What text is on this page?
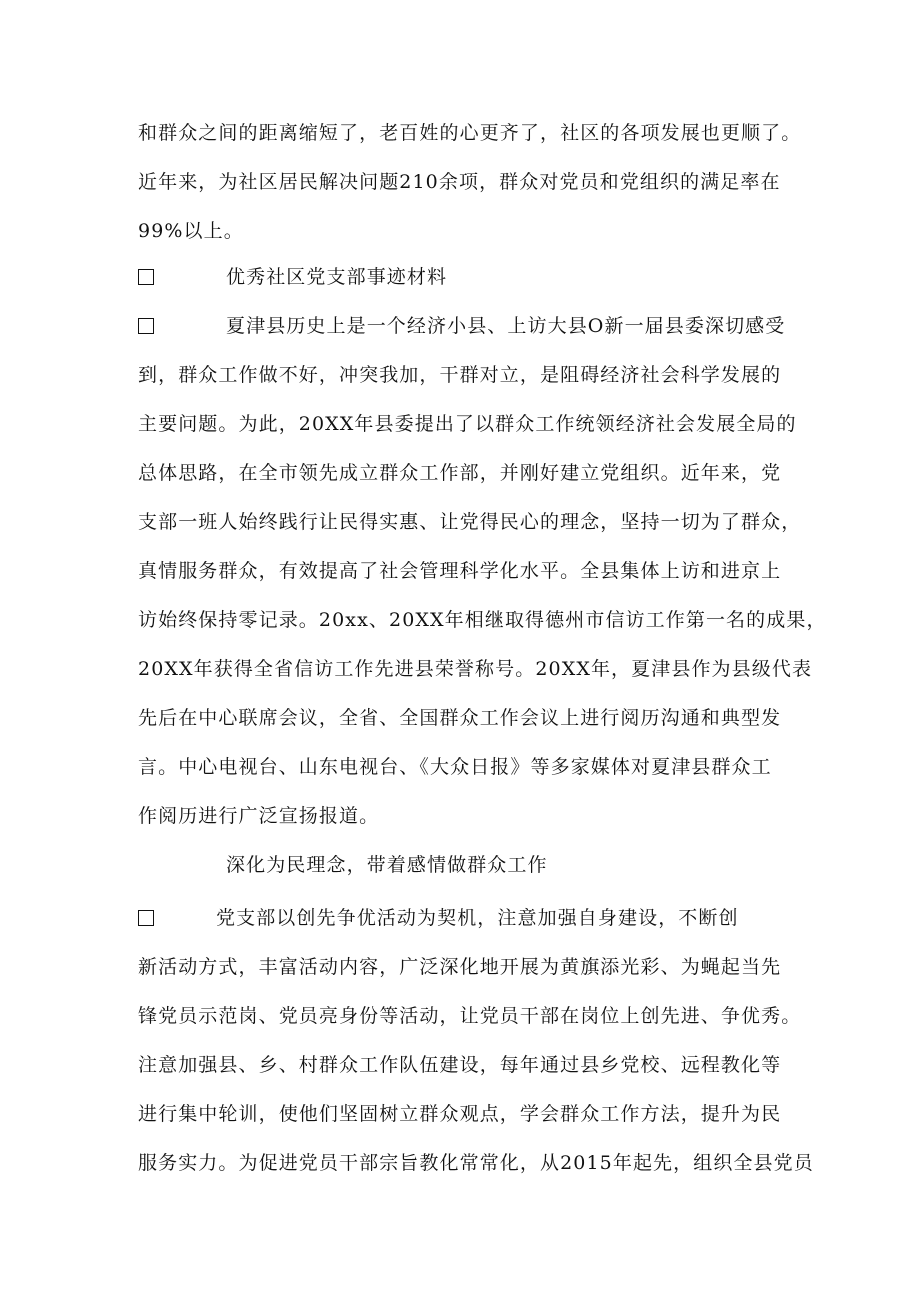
和群众之间的距离缩短了，老百姓的心更齐了，社区的各项发展也更顺了。
近年来，为社区居民解决问题210余项，群众对党员和党组织的满足率在
99%以上。
优秀社区党支部事迹材料
夏津县历史上是一个经济小县、上访大县O新一届县委深切感受
到，群众工作做不好，冲突我加，干群对立，是阻碍经济社会科学发展的
主要问题。为此，20XX年县委提出了以群众工作统领经济社会发展全局的
总体思路，在全市领先成立群众工作部，并刚好建立党组织。近年来，党
支部一班人始终践行让民得实惠、让党得民心的理念，坚持一切为了群众，
真情服务群众，有效提高了社会管理科学化水平。全县集体上访和进京上
访始终保持零记录。20xx、20XX年相继取得德州市信访工作第一名的成果，
20XX年获得全省信访工作先进县荣誉称号。20XX年，夏津县作为县级代表
先后在中心联席会议，全省、全国群众工作会议上进行阅历沟通和典型发
言。中心电视台、山东电视台、《大众日报》等多家媒体对夏津县群众工
作阅历进行广泛宣扬报道。
深化为民理念，带着感情做群众工作
党支部以创先争优活动为契机，注意加强自身建设，不断创
新活动方式，丰富活动内容，广泛深化地开展为黄旗添光彩、为蝇起当先
锋党员示范岗、党员亮身份等活动，让党员干部在岗位上创先进、争优秀。
注意加强县、乡、村群众工作队伍建设，每年通过县乡党校、远程教化等
进行集中轮训，使他们坚固树立群众观点，学会群众工作方法，提升为民
服务实力。为促进党员干部宗旨教化常常化，从2015年起先，组织全县党员
